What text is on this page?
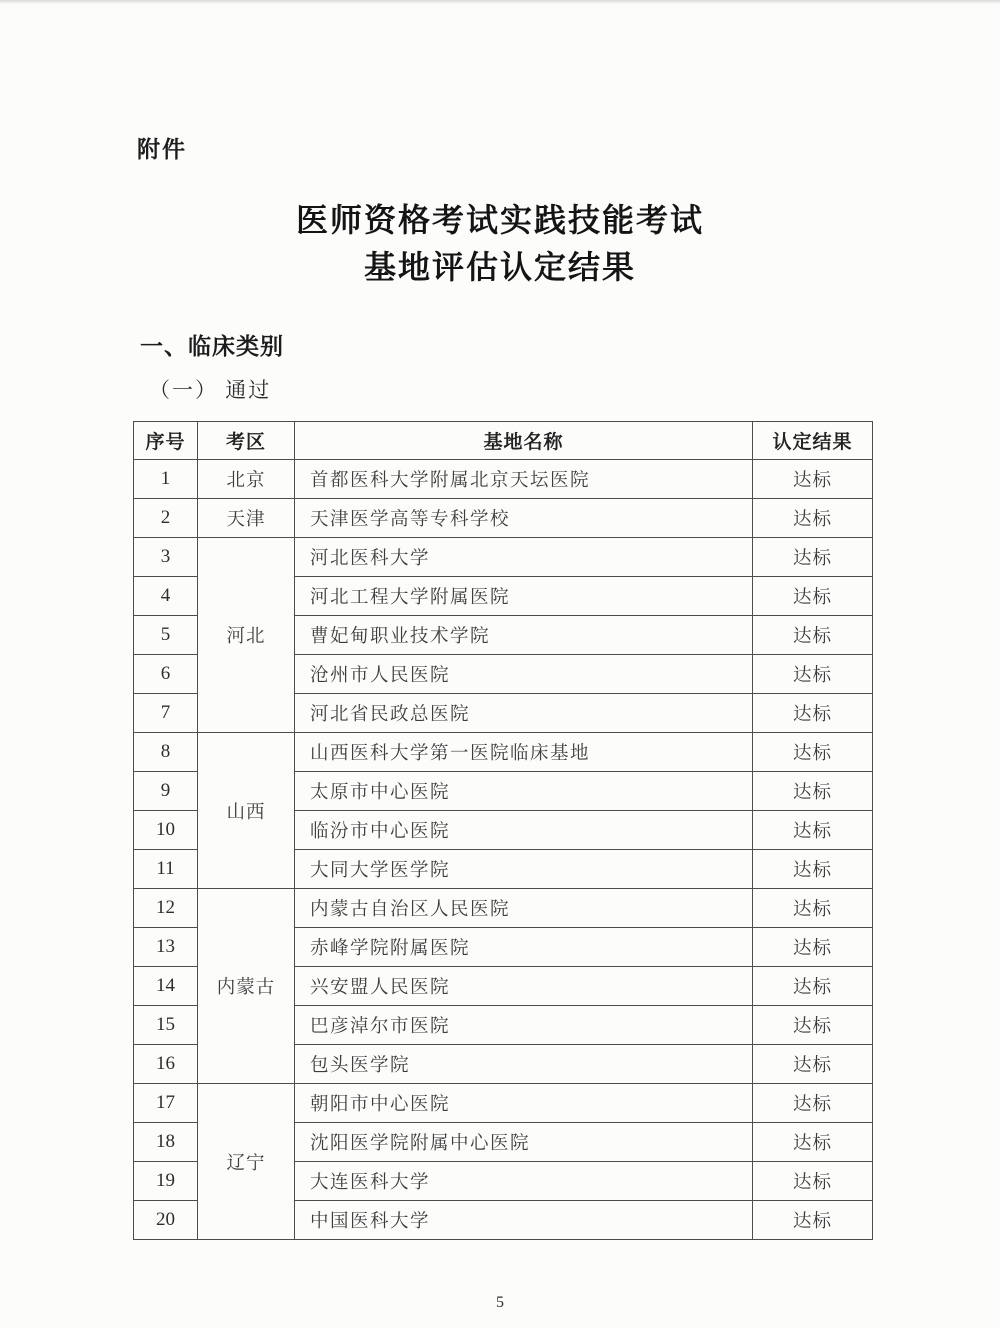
附件
医师资格考试实践技能考试
基地评估认定结果
一、临床类别
（一） 通过
序号	考区	基地名称	认定结果
1	北京	首都医科大学附属北京天坛医院	达标
2	天津	天津医学高等专科学校	达标
3	河北	河北医科大学	达标
4		河北工程大学附属医院	达标
5		曹妃甸职业技术学院	达标
6		沧州市人民医院	达标
7		河北省民政总医院	达标
8	山西	山西医科大学第一医院临床基地	达标
9		太原市中心医院	达标
10		临汾市中心医院	达标
11		大同大学医学院	达标
12	内蒙古	内蒙古自治区人民医院	达标
13		赤峰学院附属医院	达标
14		兴安盟人民医院	达标
15		巴彦淖尔市医院	达标
16		包头医学院	达标
17	辽宁	朝阳市中心医院	达标
18		沈阳医学院附属中心医院	达标
19		大连医科大学	达标
20		中国医科大学	达标
5
